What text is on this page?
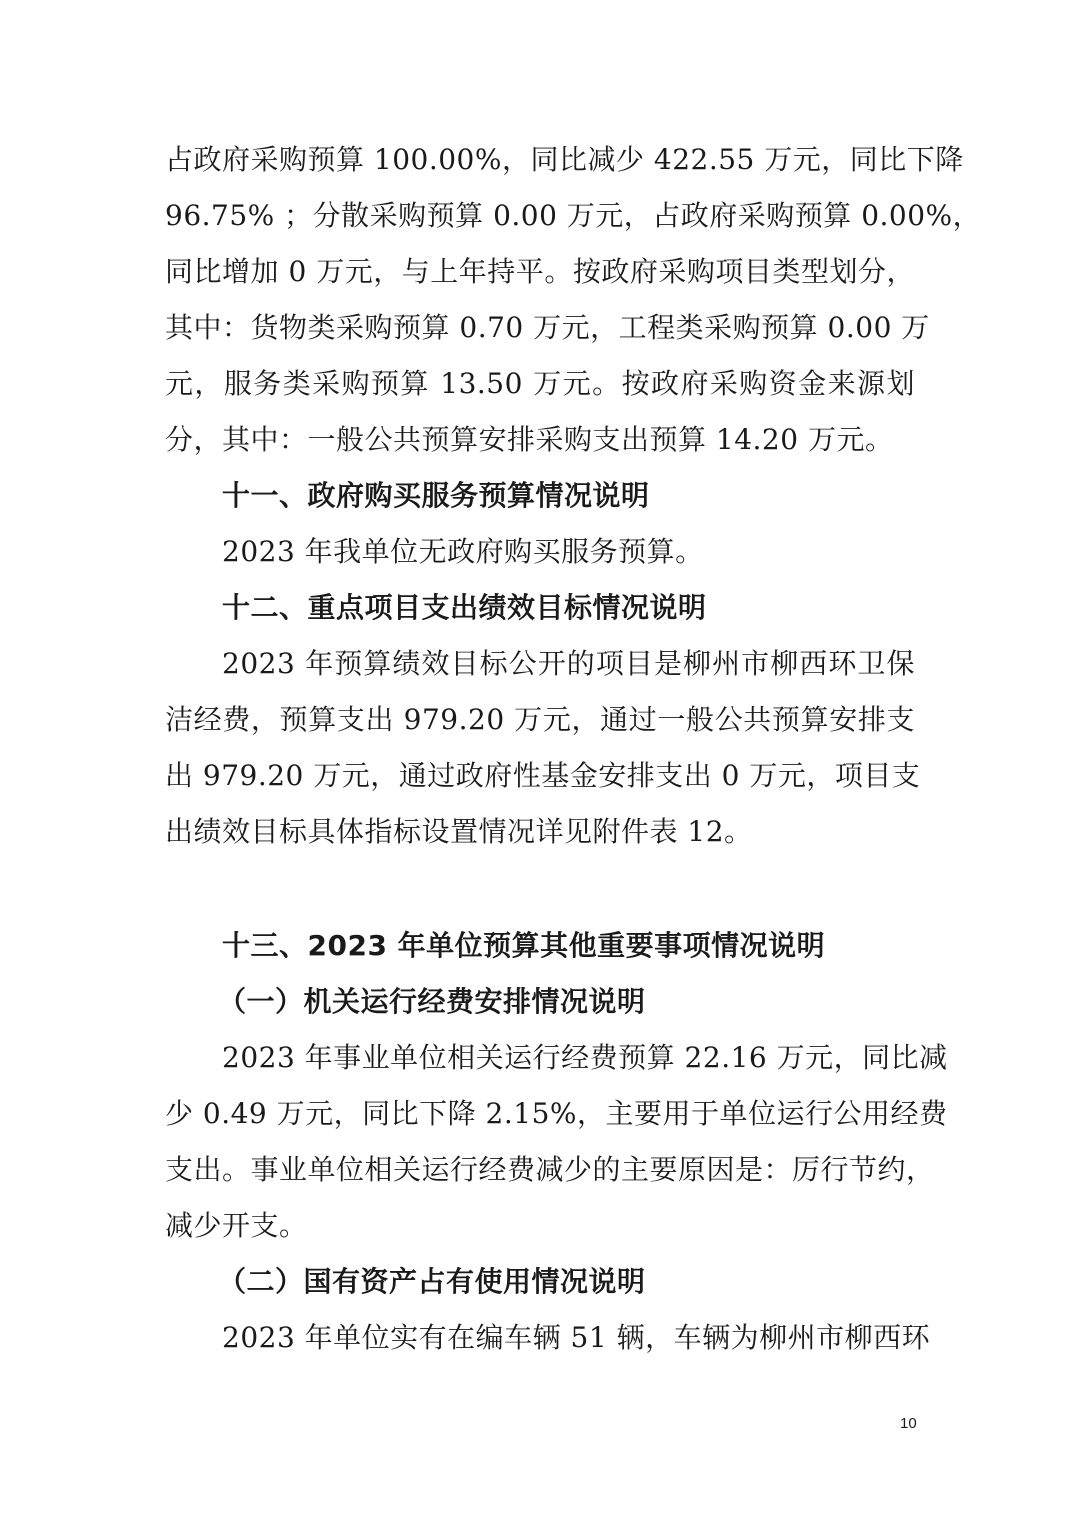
占政府采购预算 100.00%，同比减少 422.55 万元，同比下降
96.75% ；分散采购预算 0.00 万元，占政府采购预算 0.00%，
同比增加 0 万元，与上年持平。按政府采购项目类型划分，
其中：货物类采购预算 0.70 万元，工程类采购预算 0.00 万
元，服务类采购预算 13.50 万元。按政府采购资金来源划
分，其中：一般公共预算安排采购支出预算 14.20 万元。
十一、政府购买服务预算情况说明
2023 年我单位无政府购买服务预算。
十二、重点项目支出绩效目标情况说明
2023 年预算绩效目标公开的项目是柳州市柳西环卫保
洁经费，预算支出 979.20 万元，通过一般公共预算安排支
出 979.20 万元，通过政府性基金安排支出 0 万元，项目支
出绩效目标具体指标设置情况详见附件表 12。
十三、2023 年单位预算其他重要事项情况说明
（一）机关运行经费安排情况说明
2023 年事业单位相关运行经费预算 22.16 万元，同比减
少 0.49 万元，同比下降 2.15%，主要用于单位运行公用经费
支出。事业单位相关运行经费减少的主要原因是：厉行节约，
减少开支。
（二）国有资产占有使用情况说明
2023 年单位实有在编车辆 51 辆，车辆为柳州市柳西环
10
